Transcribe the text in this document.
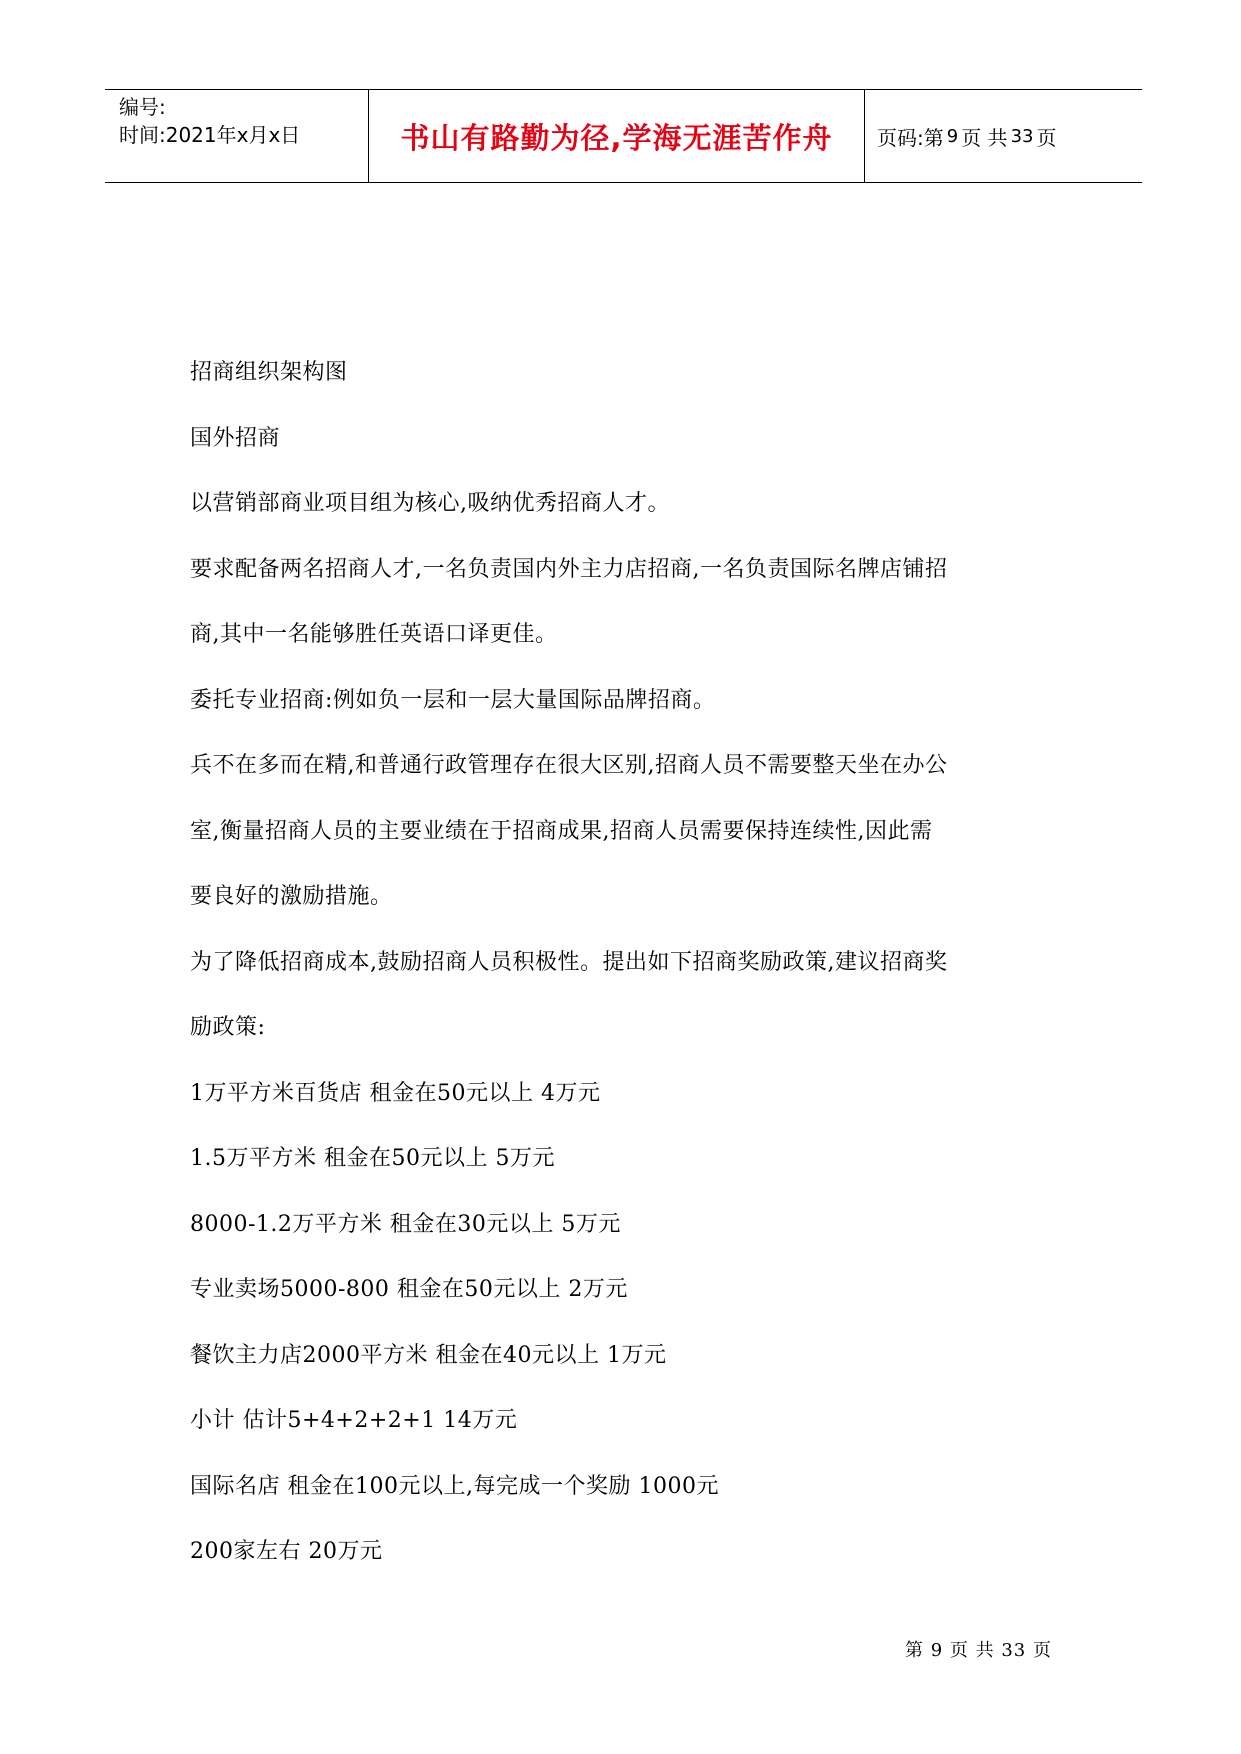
编号:
时间:2021年x月x日	书山有路勤为径,学海无涯苦作舟 页码:第 9 页 共 33 页

招商组织架构图

国外招商

以营销部商业项目组为核心,吸纳优秀招商人才。

要求配备两名招商人才,一名负责国内外主力店招商,一名负责国际名牌店铺招

商,其中一名能够胜任英语口译更佳。

委托专业招商:例如负一层和一层大量国际品牌招商。

兵不在多而在精,和普通行政管理存在很大区别,招商人员不需要整天坐在办公

室,衡量招商人员的主要业绩在于招商成果,招商人员需要保持连续性,因此需

要良好的激励措施。

为了降低招商成本,鼓励招商人员积极性。提出如下招商奖励政策,建议招商奖

励政策:

1万平方米百货店 租金在50元以上 4万元

1.5万平方米 租金在50元以上 5万元

8000-1.2万平方米 租金在30元以上 5万元

专业卖场5000-800 租金在50元以上 2万元

餐饮主力店2000平方米 租金在40元以上 1万元

小计 估计5+4+2+2+1 14万元

国际名店 租金在100元以上,每完成一个奖励 1000元

200家左右 20万元

第 9 页 共 33 页
